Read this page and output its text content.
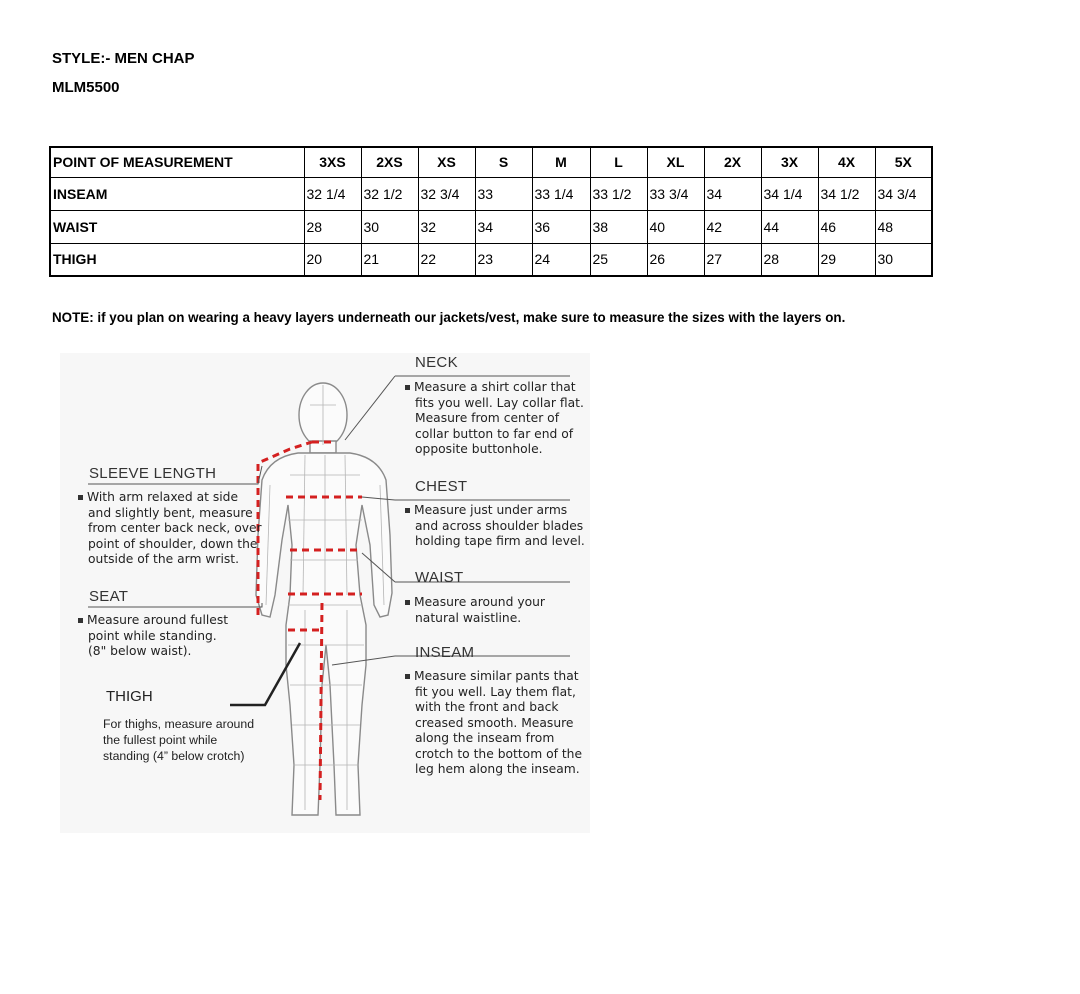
STYLE:- MEN CHAP
MLM5500
POINT OF MEASUREMENT	3XS	2XS	XS	S	M	L	XL	2X	3X	4X	5X
INSEAM	32 1/4	32 1/2	32 3/4	33	33 1/4	33 1/2	33 3/4	34	34 1/4	34 1/2	34 3/4
WAIST	28	30	32	34	36	38	40	42	44	46	48
THIGH	20	21	22	23	24	25	26	27	28	29	30
NOTE: if you plan on wearing a heavy layers underneath our jackets/vest, make sure to measure the sizes with the layers on.
NECK
Measure a shirt collar that
fits you well. Lay collar flat.
Measure from center of
collar button to far end of
opposite buttonhole.
CHEST
Measure just under arms
and across shoulder blades
holding tape firm and level.
WAIST
Measure around your
natural waistline.
INSEAM
Measure similar pants that
fit you well. Lay them flat,
with the front and back
creased smooth. Measure
along the inseam from
crotch to the bottom of the
leg hem along the inseam.
SLEEVE LENGTH
With arm relaxed at side
and slightly bent, measure
from center back neck, over
point of shoulder, down the
outside of the arm wrist.
SEAT
Measure around fullest
point while standing.
(8" below waist).
THIGH
For thighs, measure around
the fullest point while
standing (4” below crotch)
